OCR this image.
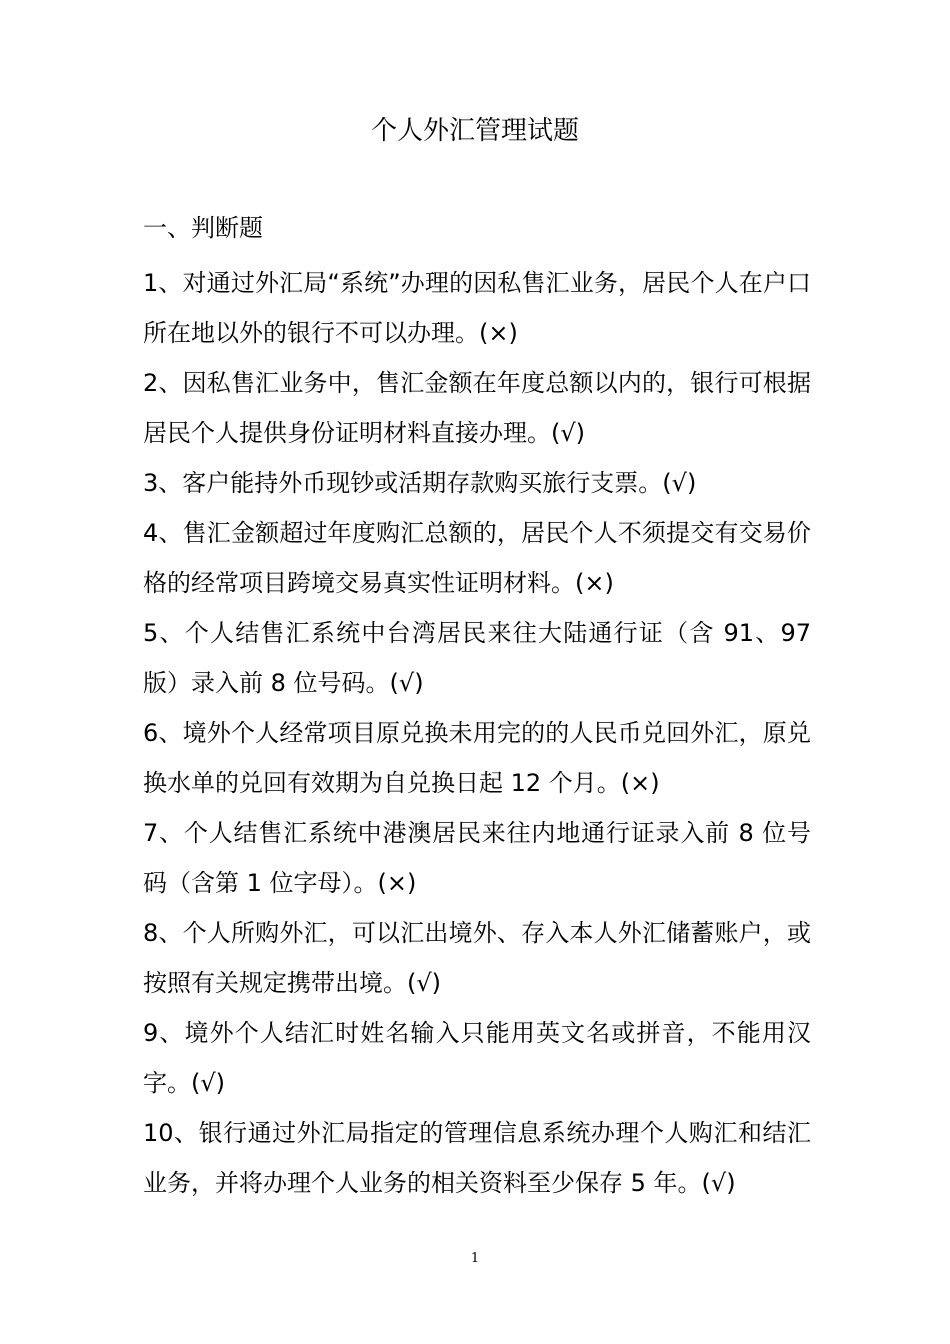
个人外汇管理试题
一、判断题
1、对通过外汇局“系统”办理的因私售汇业务，居民个人在户口所在地以外的银行不可以办理。(×)
2、因私售汇业务中，售汇金额在年度总额以内的，银行可根据居民个人提供身份证明材料直接办理。(√)
3、客户能持外币现钞或活期存款购买旅行支票。(√)
4、售汇金额超过年度购汇总额的，居民个人不须提交有交易价格的经常项目跨境交易真实性证明材料。(×)
5、个人结售汇系统中台湾居民来往大陆通行证（含 91、97 版）录入前 8 位号码。(√)
6、境外个人经常项目原兑换未用完的的人民币兑回外汇，原兑换水单的兑回有效期为自兑换日起 12 个月。(×)
7、个人结售汇系统中港澳居民来往内地通行证录入前 8 位号码（含第 1 位字母）。(×)
8、个人所购外汇，可以汇出境外、存入本人外汇储蓄账户，或按照有关规定携带出境。(√)
9、境外个人结汇时姓名输入只能用英文名或拼音，不能用汉字。(√)
10、银行通过外汇局指定的管理信息系统办理个人购汇和结汇业务，并将办理个人业务的相关资料至少保存 5 年。(√)
1
